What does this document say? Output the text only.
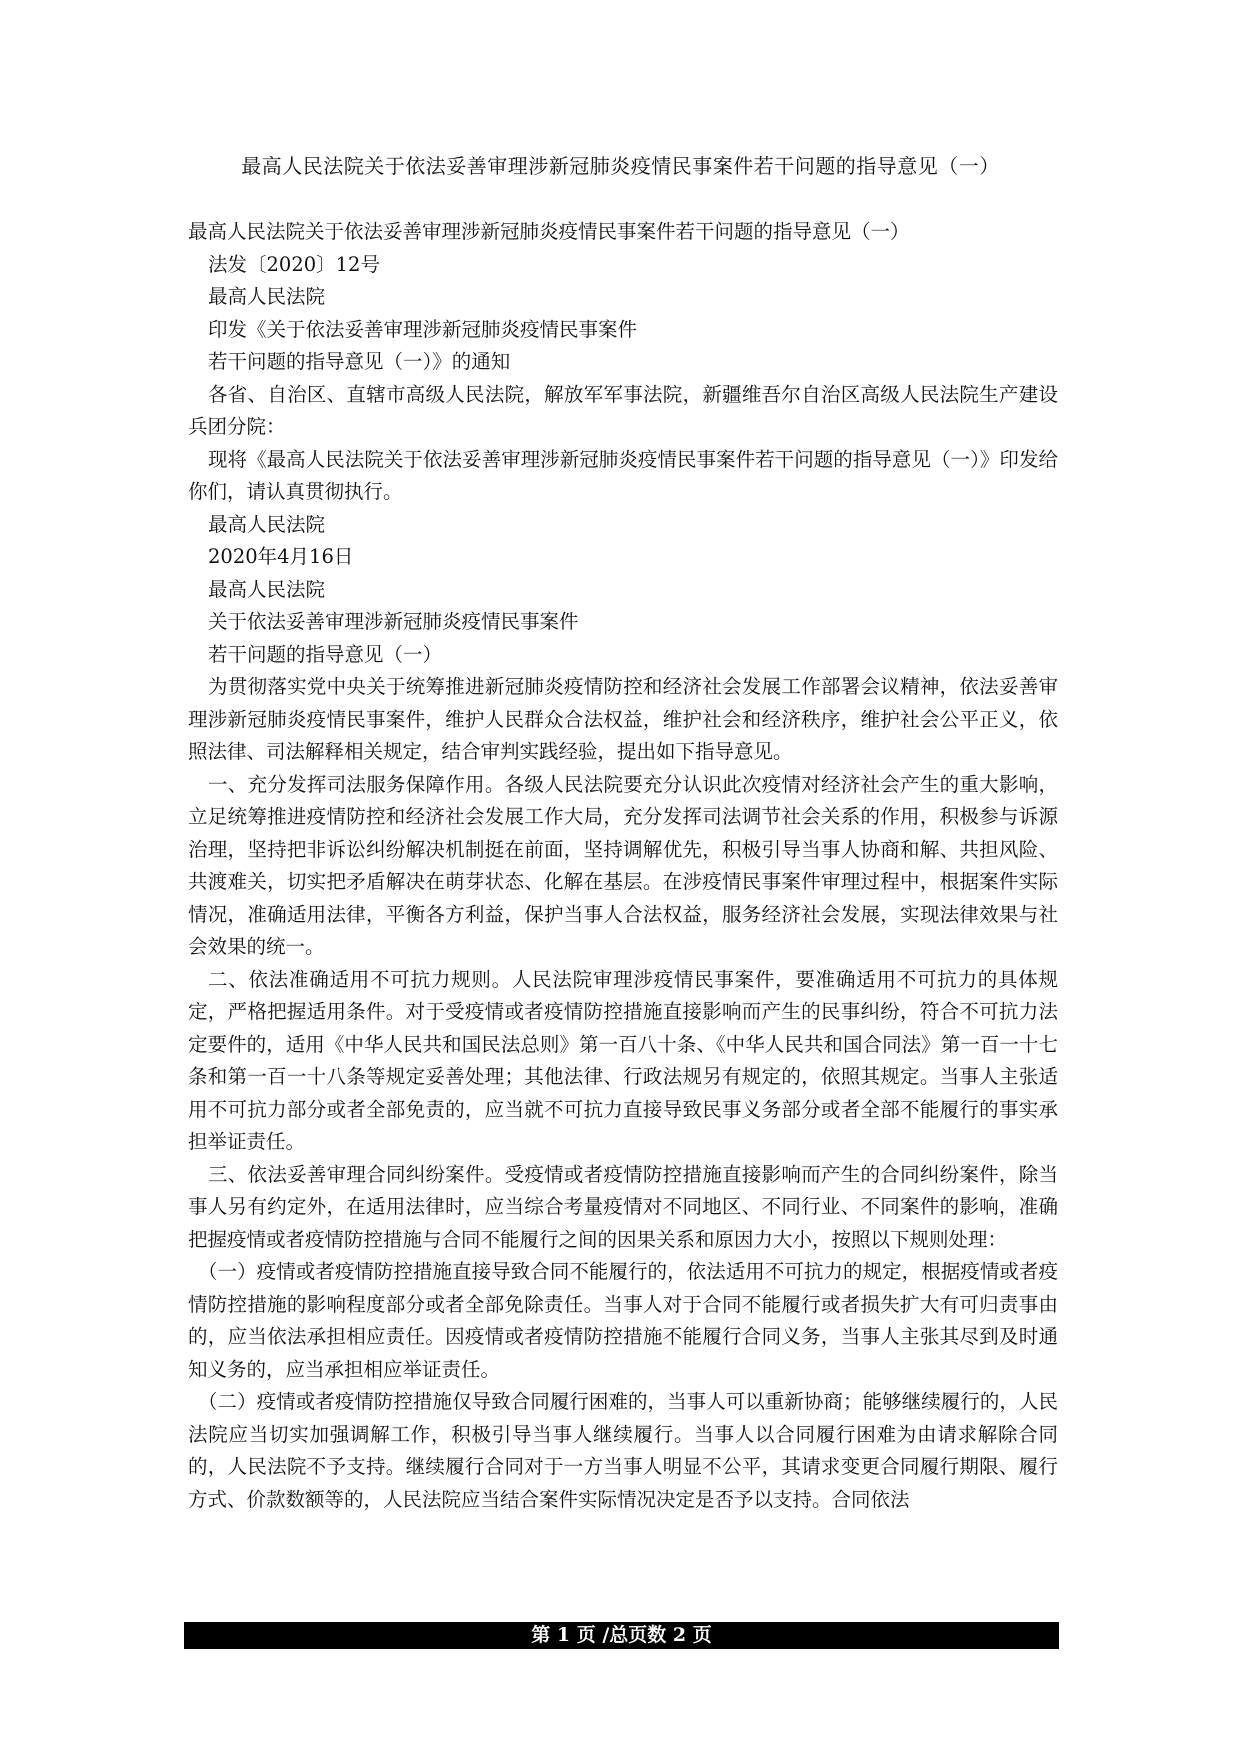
最高人民法院关于依法妥善审理涉新冠肺炎疫情民事案件若干问题的指导意见（一）

最高人民法院关于依法妥善审理涉新冠肺炎疫情民事案件若干问题的指导意见（一）

法发〔2020〕12号

最高人民法院

印发《关于依法妥善审理涉新冠肺炎疫情民事案件

若干问题的指导意见（一）》的通知

各省、自治区、直辖市高级人民法院，解放军军事法院，新疆维吾尔自治区高级人民法院生产建设兵团分院：

现将《最高人民法院关于依法妥善审理涉新冠肺炎疫情民事案件若干问题的指导意见（一）》印发给你们，请认真贯彻执行。

最高人民法院

2020年4月16日

最高人民法院

关于依法妥善审理涉新冠肺炎疫情民事案件

若干问题的指导意见（一）

为贯彻落实党中央关于统筹推进新冠肺炎疫情防控和经济社会发展工作部署会议精神，依法妥善审理涉新冠肺炎疫情民事案件，维护人民群众合法权益，维护社会和经济秩序，维护社会公平正义，依照法律、司法解释相关规定，结合审判实践经验，提出如下指导意见。

一、充分发挥司法服务保障作用。各级人民法院要充分认识此次疫情对经济社会产生的重大影响，立足统筹推进疫情防控和经济社会发展工作大局，充分发挥司法调节社会关系的作用，积极参与诉源治理，坚持把非诉讼纠纷解决机制挺在前面，坚持调解优先，积极引导当事人协商和解、共担风险、共渡难关，切实把矛盾解决在萌芽状态、化解在基层。在涉疫情民事案件审理过程中，根据案件实际情况，准确适用法律，平衡各方利益，保护当事人合法权益，服务经济社会发展，实现法律效果与社会效果的统一。

二、依法准确适用不可抗力规则。人民法院审理涉疫情民事案件，要准确适用不可抗力的具体规定，严格把握适用条件。对于受疫情或者疫情防控措施直接影响而产生的民事纠纷，符合不可抗力法定要件的，适用《中华人民共和国民法总则》第一百八十条、《中华人民共和国合同法》第一百一十七条和第一百一十八条等规定妥善处理；其他法律、行政法规另有规定的，依照其规定。当事人主张适用不可抗力部分或者全部免责的，应当就不可抗力直接导致民事义务部分或者全部不能履行的事实承担举证责任。

三、依法妥善审理合同纠纷案件。受疫情或者疫情防控措施直接影响而产生的合同纠纷案件，除当事人另有约定外，在适用法律时，应当综合考量疫情对不同地区、不同行业、不同案件的影响，准确把握疫情或者疫情防控措施与合同不能履行之间的因果关系和原因力大小，按照以下规则处理：

（一）疫情或者疫情防控措施直接导致合同不能履行的，依法适用不可抗力的规定，根据疫情或者疫情防控措施的影响程度部分或者全部免除责任。当事人对于合同不能履行或者损失扩大有可归责事由的，应当依法承担相应责任。因疫情或者疫情防控措施不能履行合同义务，当事人主张其尽到及时通知义务的，应当承担相应举证责任。

（二）疫情或者疫情防控措施仅导致合同履行困难的，当事人可以重新协商；能够继续履行的，人民法院应当切实加强调解工作，积极引导当事人继续履行。当事人以合同履行困难为由请求解除合同的，人民法院不予支持。继续履行合同对于一方当事人明显不公平，其请求变更合同履行期限、履行方式、价款数额等的，人民法院应当结合案件实际情况决定是否予以支持。合同依法

第 1 页 /总页数 2 页
